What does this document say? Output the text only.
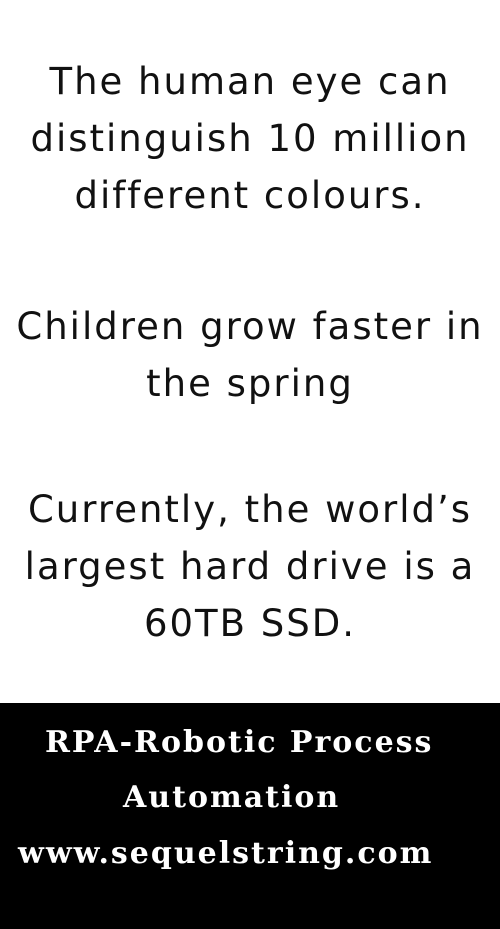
The human eye can distinguish 10 million different colours.
Children grow faster in the spring
Currently, the world’s largest hard drive is a 60TB SSD.
RPA-Robotic Process
Automation
www.sequelstring.com
